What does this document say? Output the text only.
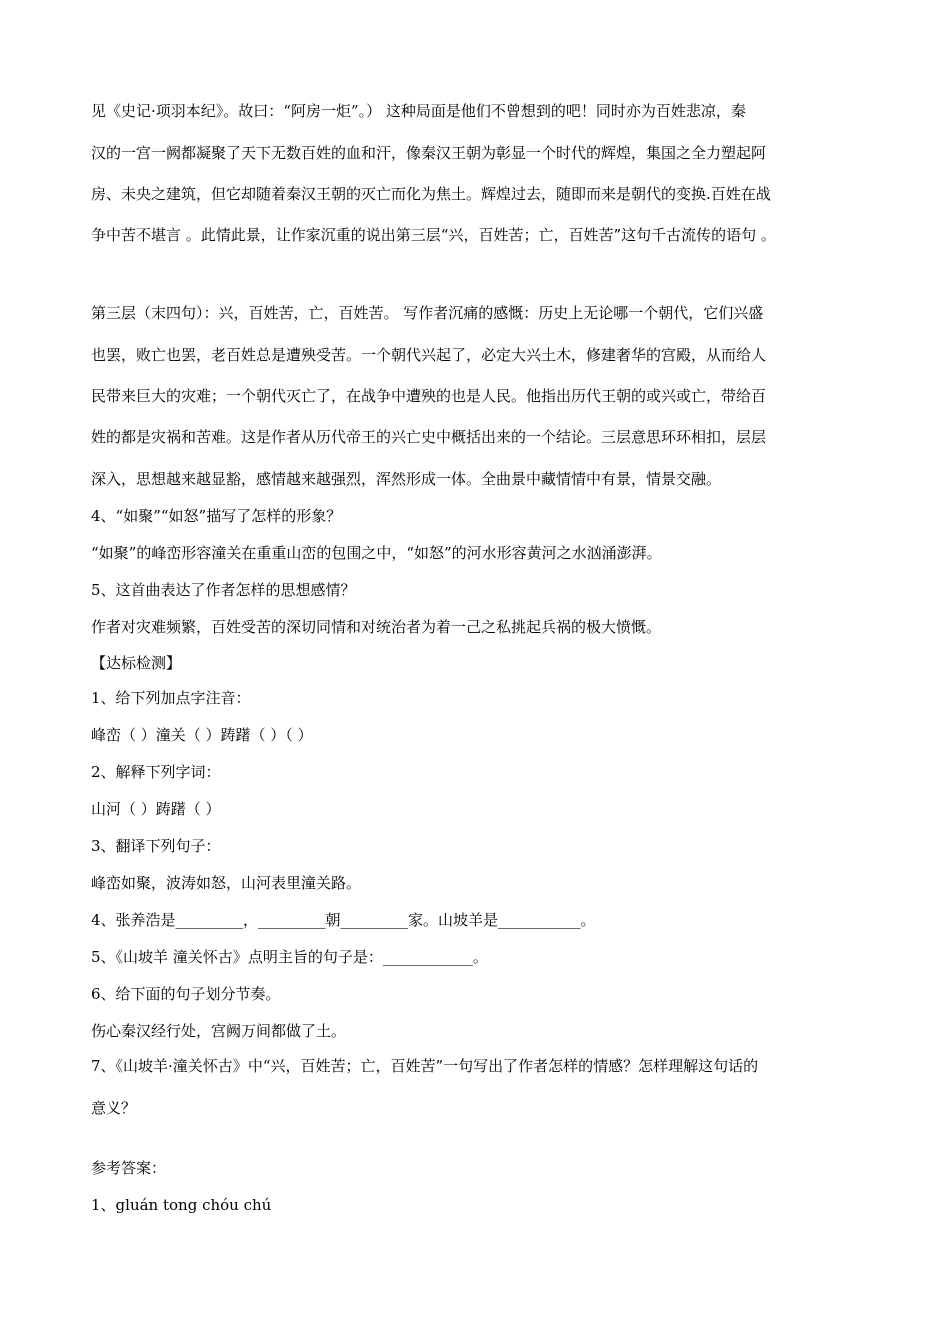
见《史记·项羽本纪》。故曰：“阿房一炬”。） 这种局面是他们不曾想到的吧！同时亦为百姓悲凉，秦
汉的一宫一阙都凝聚了天下无数百姓的血和汗，像秦汉王朝为彰显一个时代的辉煌，集国之全力塑起阿
房、未央之建筑，但它却随着秦汉王朝的灭亡而化为焦土。辉煌过去，随即而来是朝代的变换.百姓在战
争中苦不堪言 。此情此景，让作家沉重的说出第三层“兴，百姓苦；亡，百姓苦”这句千古流传的语句 。
第三层（末四句）：兴，百姓苦，亡，百姓苦。 写作者沉痛的感慨：历史上无论哪一个朝代，它们兴盛
也罢，败亡也罢，老百姓总是遭殃受苦。一个朝代兴起了，必定大兴土木，修建奢华的宫殿，从而给人
民带来巨大的灾难；一个朝代灭亡了，在战争中遭殃的也是人民。他指出历代王朝的或兴或亡，带给百
姓的都是灾祸和苦难。这是作者从历代帝王的兴亡史中概括出来的一个结论。三层意思环环相扣，层层
深入，思想越来越显豁，感情越来越强烈，浑然形成一体。全曲景中藏情情中有景，情景交融。
4、“如聚”“如怒”描写了怎样的形象？
“如聚”的峰峦形容潼关在重重山峦的包围之中，“如怒”的河水形容黄河之水汹涌澎湃。
5、这首曲表达了作者怎样的思想感情？
作者对灾难频繁，百姓受苦的深切同情和对统治者为着一己之私挑起兵祸的极大愤慨。
【达标检测】
1、给下列加点字注音：
峰峦（ ）潼关（ ）踌躇（ ）（ ）
2、解释下列字词：
山河（ ）踌躇（ ）
3、翻译下列句子：
峰峦如聚，波涛如怒，山河表里潼关路。
4、张养浩是_________，_________朝_________家。山坡羊是___________。
5、《山坡羊 潼关怀古》点明主旨的句子是：____________。
6、给下面的句子划分节奏。
伤心秦汉经行处，宫阙万间都做了土。
7、《山坡羊·潼关怀古》中“兴，百姓苦；亡，百姓苦”一句写出了作者怎样的情感？怎样理解这句话的
意义？
参考答案：
1、gluán tong chóu chú
